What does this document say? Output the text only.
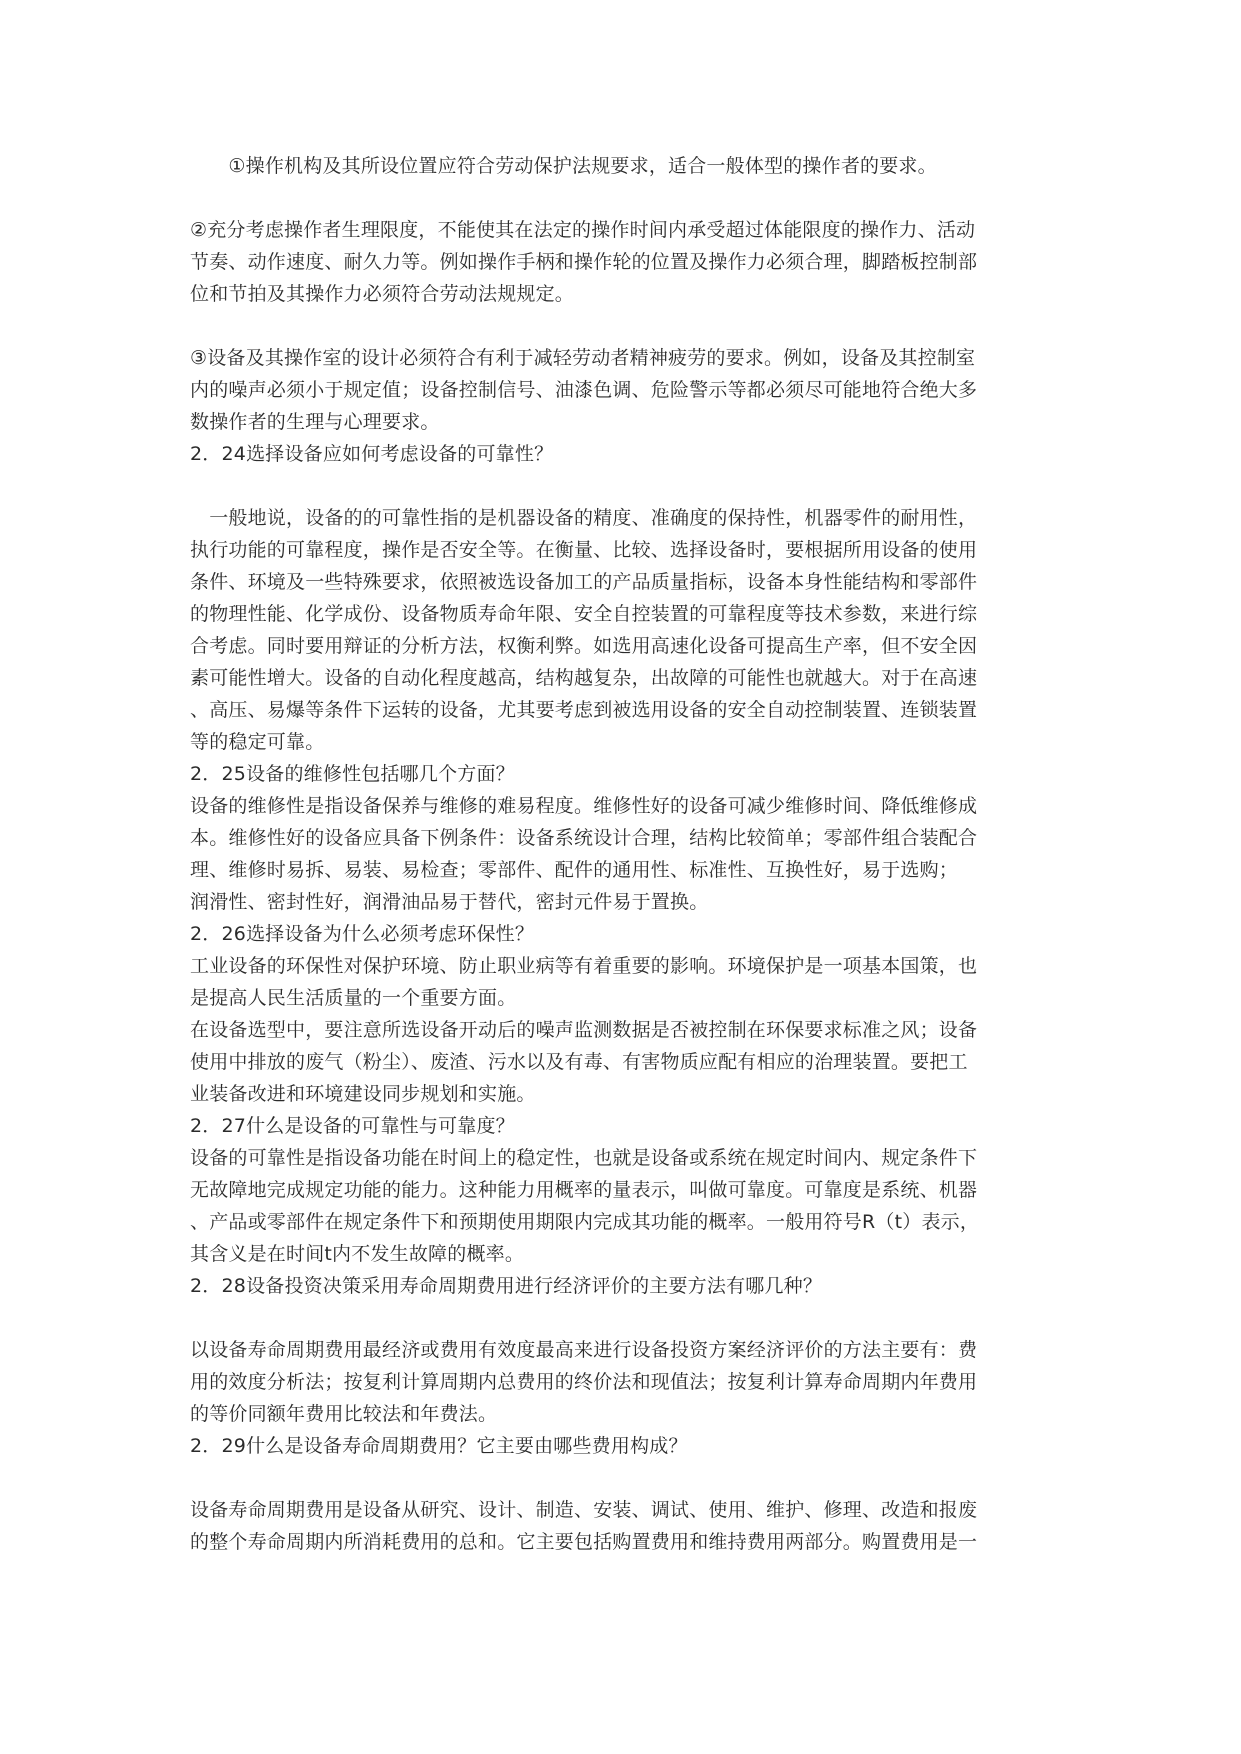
　　①操作机构及其所设位置应符合劳动保护法规要求，适合一般体型的操作者的要求。
②充分考虑操作者生理限度，不能使其在法定的操作时间内承受超过体能限度的操作力、活动
节奏、动作速度、耐久力等。例如操作手柄和操作轮的位置及操作力必须合理，脚踏板控制部
位和节拍及其操作力必须符合劳动法规规定。
③设备及其操作室的设计必须符合有利于减轻劳动者精神疲劳的要求。例如，设备及其控制室
内的噪声必须小于规定值；设备控制信号、油漆色调、危险警示等都必须尽可能地符合绝大多
数操作者的生理与心理要求。
2．24选择设备应如何考虑设备的可靠性？
　一般地说，设备的的可靠性指的是机器设备的精度、准确度的保持性，机器零件的耐用性，
执行功能的可靠程度，操作是否安全等。在衡量、比较、选择设备时，要根据所用设备的使用
条件、环境及一些特殊要求，依照被选设备加工的产品质量指标，设备本身性能结构和零部件
的物理性能、化学成份、设备物质寿命年限、安全自控装置的可靠程度等技术参数，来进行综
合考虑。同时要用辩证的分析方法，权衡利弊。如选用高速化设备可提高生产率，但不安全因
素可能性增大。设备的自动化程度越高，结构越复杂，出故障的可能性也就越大。对于在高速
、高压、易爆等条件下运转的设备，尤其要考虑到被选用设备的安全自动控制装置、连锁装置
等的稳定可靠。
2．25设备的维修性包括哪几个方面？
设备的维修性是指设备保养与维修的难易程度。维修性好的设备可减少维修时间、降低维修成
本。维修性好的设备应具备下例条件：设备系统设计合理，结构比较简单；零部件组合装配合
理、维修时易拆、易装、易检查；零部件、配件的通用性、标准性、互换性好，易于选购；
润滑性、密封性好，润滑油品易于替代，密封元件易于置换。
2．26选择设备为什么必须考虑环保性？
工业设备的环保性对保护环境、防止职业病等有着重要的影响。环境保护是一项基本国策，也
是提高人民生活质量的一个重要方面。
在设备选型中，要注意所选设备开动后的噪声监测数据是否被控制在环保要求标准之风；设备
使用中排放的废气（粉尘）、废渣、污水以及有毒、有害物质应配有相应的治理装置。要把工
业装备改进和环境建设同步规划和实施。
2．27什么是设备的可靠性与可靠度？
设备的可靠性是指设备功能在时间上的稳定性，也就是设备或系统在规定时间内、规定条件下
无故障地完成规定功能的能力。这种能力用概率的量表示，叫做可靠度。可靠度是系统、机器
、产品或零部件在规定条件下和预期使用期限内完成其功能的概率。一般用符号R（t）表示，
其含义是在时间t内不发生故障的概率。
2．28设备投资决策采用寿命周期费用进行经济评价的主要方法有哪几种？
以设备寿命周期费用最经济或费用有效度最高来进行设备投资方案经济评价的方法主要有：费
用的效度分析法；按复利计算周期内总费用的终价法和现值法；按复利计算寿命周期内年费用
的等价同额年费用比较法和年费法。
2．29什么是设备寿命周期费用？它主要由哪些费用构成？
设备寿命周期费用是设备从研究、设计、制造、安装、调试、使用、维护、修理、改造和报废
的整个寿命周期内所消耗费用的总和。它主要包括购置费用和维持费用两部分。购置费用是一
